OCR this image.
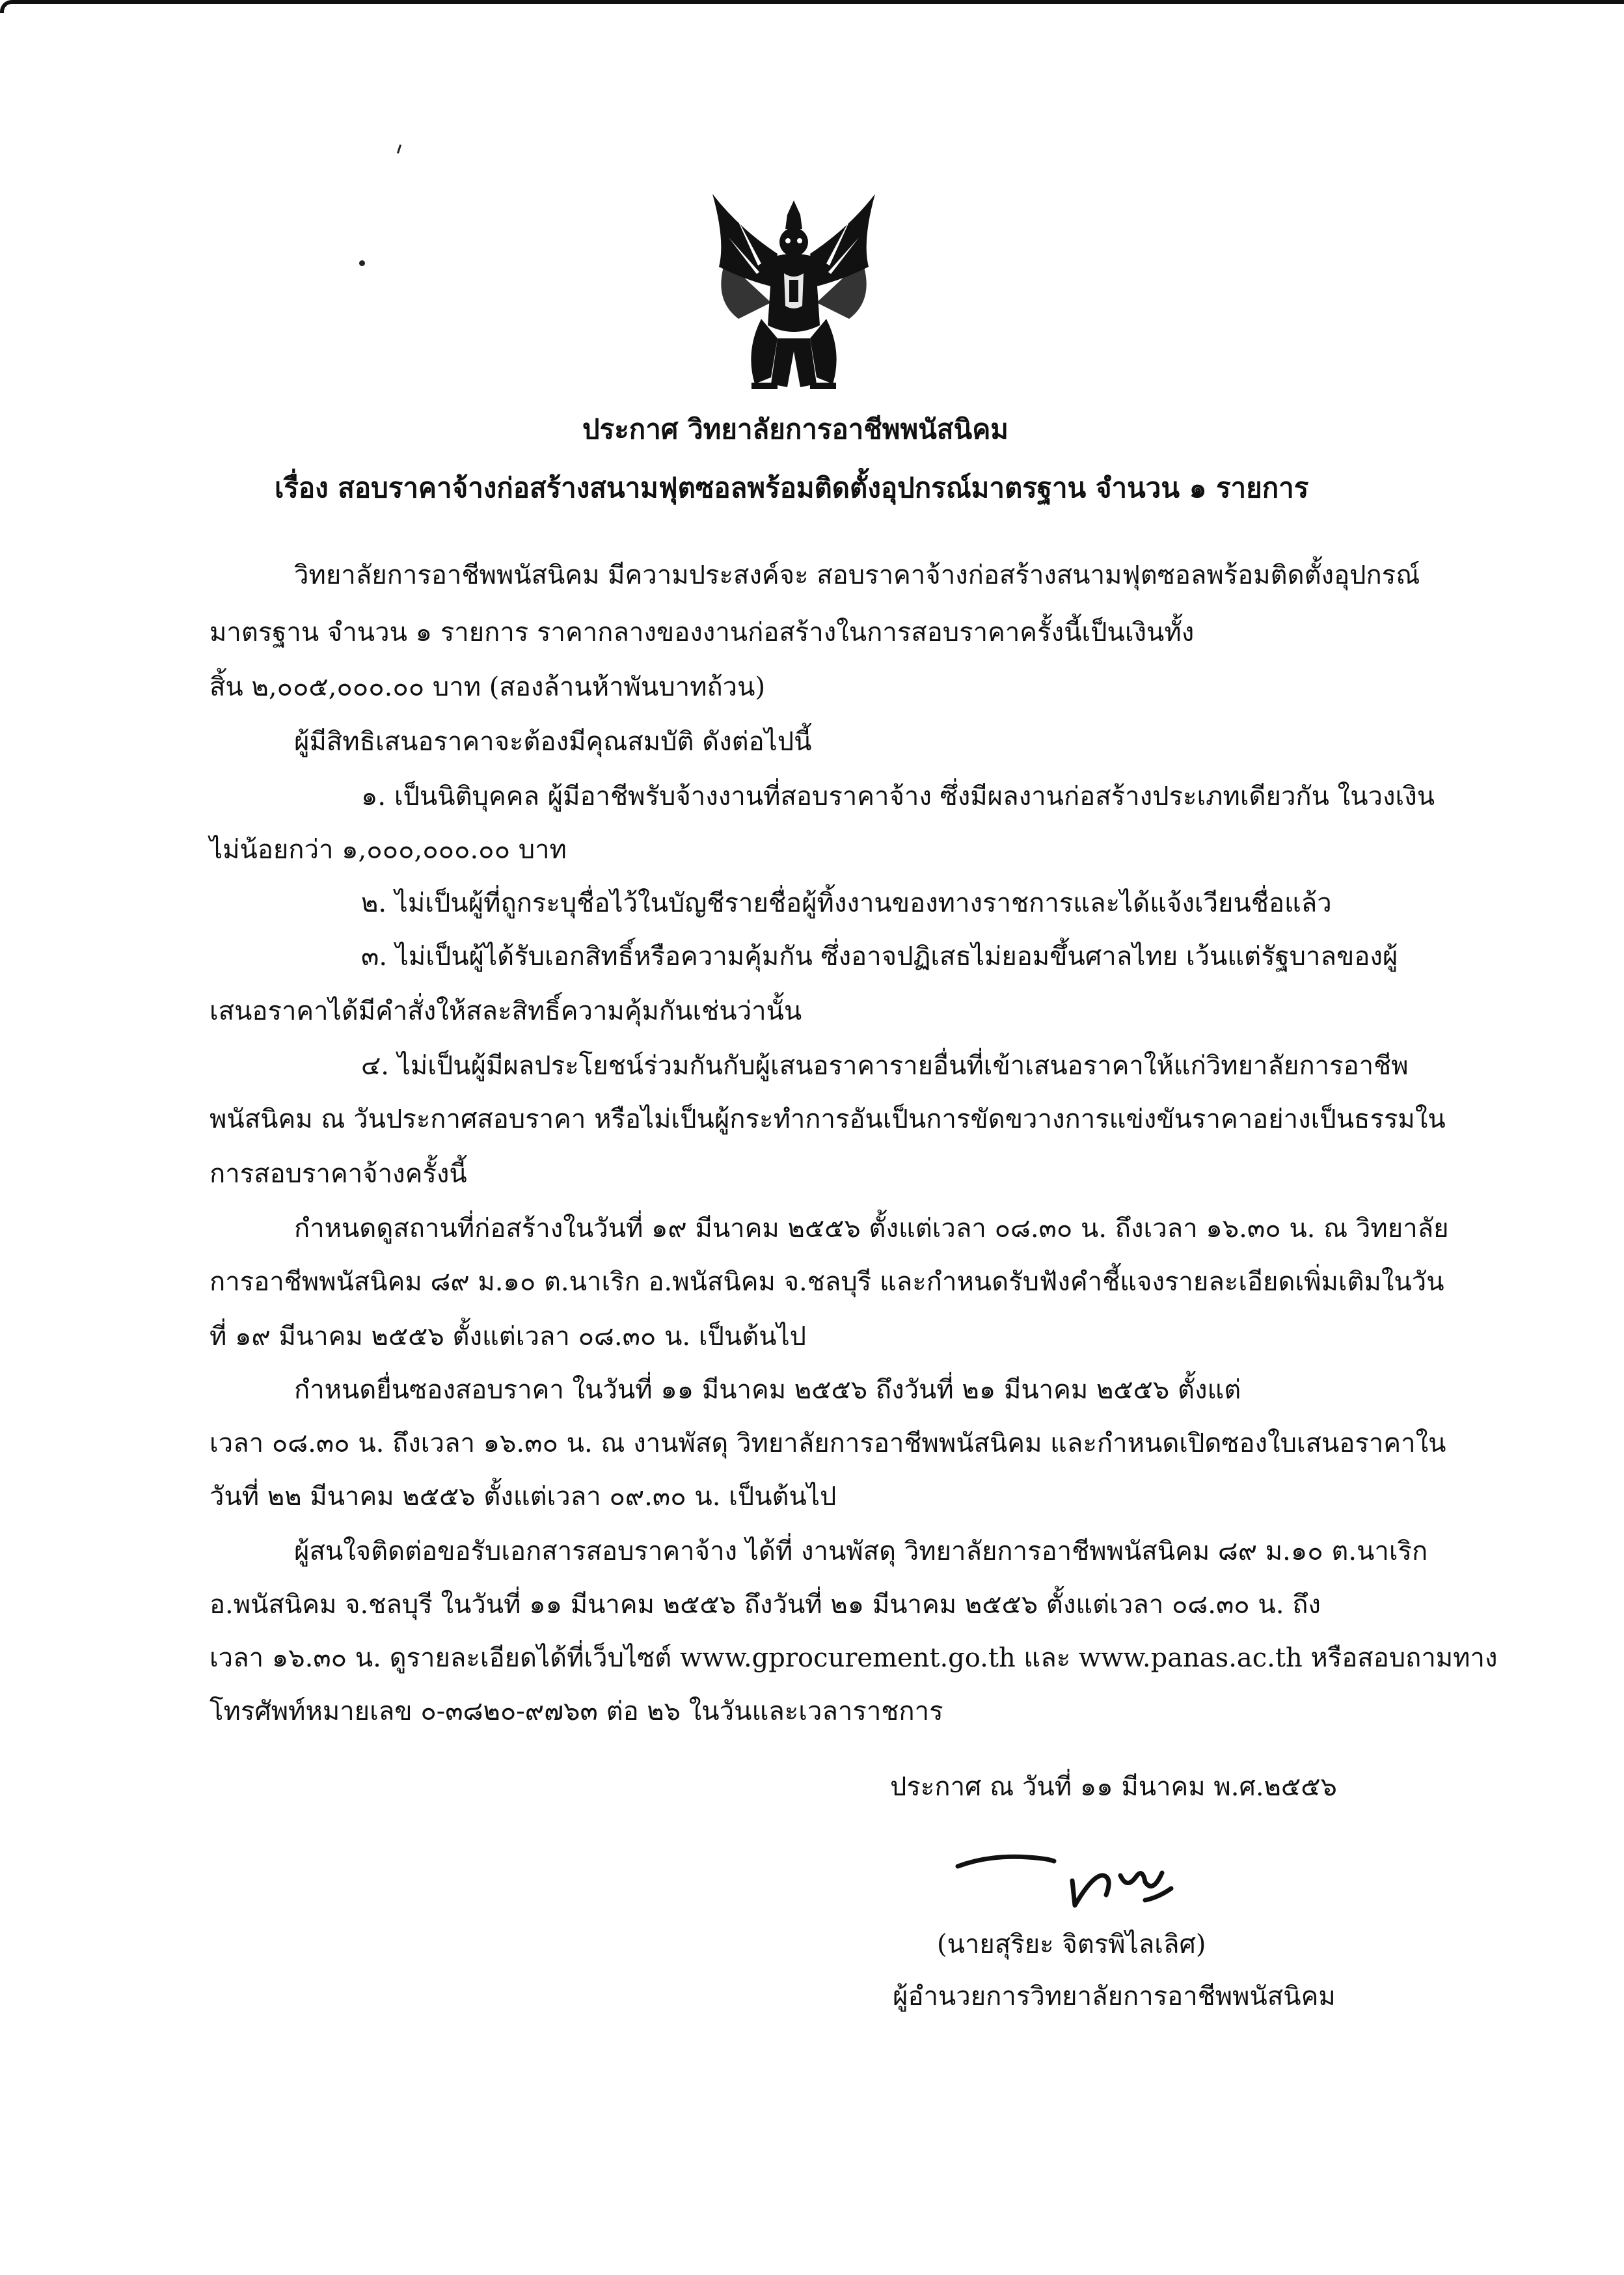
ประกาศ วิทยาลัยการอาชีพพนัสนิคม
เรื่อง สอบราคาจ้างก่อสร้างสนามฟุตซอลพร้อมติดตั้งอุปกรณ์มาตรฐาน จำนวน ๑ รายการ
วิทยาลัยการอาชีพพนัสนิคม มีความประสงค์จะ สอบราคาจ้างก่อสร้างสนามฟุตซอลพร้อมติดตั้งอุปกรณ์
มาตรฐาน จำนวน ๑ รายการ ราคากลางของงานก่อสร้างในการสอบราคาครั้งนี้เป็นเงินทั้ง
สิ้น ๒,๐๐๕,๐๐๐.๐๐ บาท (สองล้านห้าพันบาทถ้วน)
ผู้มีสิทธิเสนอราคาจะต้องมีคุณสมบัติ ดังต่อไปนี้
๑. เป็นนิติบุคคล ผู้มีอาชีพรับจ้างงานที่สอบราคาจ้าง ซึ่งมีผลงานก่อสร้างประเภทเดียวกัน ในวงเงิน
ไม่น้อยกว่า ๑,๐๐๐,๐๐๐.๐๐ บาท
๒. ไม่เป็นผู้ที่ถูกระบุชื่อไว้ในบัญชีรายชื่อผู้ทิ้งงานของทางราชการและได้แจ้งเวียนชื่อแล้ว
๓. ไม่เป็นผู้ได้รับเอกสิทธิ์หรือความคุ้มกัน ซึ่งอาจปฏิเสธไม่ยอมขึ้นศาลไทย เว้นแต่รัฐบาลของผู้
เสนอราคาได้มีคำสั่งให้สละสิทธิ์ความคุ้มกันเช่นว่านั้น
๔. ไม่เป็นผู้มีผลประโยชน์ร่วมกันกับผู้เสนอราคารายอื่นที่เข้าเสนอราคาให้แก่วิทยาลัยการอาชีพ
พนัสนิคม ณ วันประกาศสอบราคา หรือไม่เป็นผู้กระทำการอันเป็นการขัดขวางการแข่งขันราคาอย่างเป็นธรรมใน
การสอบราคาจ้างครั้งนี้
กำหนดดูสถานที่ก่อสร้างในวันที่ ๑๙ มีนาคม ๒๕๕๖ ตั้งแต่เวลา ๐๘.๓๐ น. ถึงเวลา ๑๖.๓๐ น. ณ วิทยาลัย
การอาชีพพนัสนิคม ๘๙ ม.๑๐ ต.นาเริก อ.พนัสนิคม จ.ชลบุรี และกำหนดรับฟังคำชี้แจงรายละเอียดเพิ่มเติมในวัน
ที่ ๑๙ มีนาคม ๒๕๕๖ ตั้งแต่เวลา ๐๘.๓๐ น. เป็นต้นไป
กำหนดยื่นซองสอบราคา ในวันที่ ๑๑ มีนาคม ๒๕๕๖ ถึงวันที่ ๒๑ มีนาคม ๒๕๕๖ ตั้งแต่
เวลา ๐๘.๓๐ น. ถึงเวลา ๑๖.๓๐ น. ณ งานพัสดุ วิทยาลัยการอาชีพพนัสนิคม และกำหนดเปิดซองใบเสนอราคาใน
วันที่ ๒๒ มีนาคม ๒๕๕๖ ตั้งแต่เวลา ๐๙.๓๐ น. เป็นต้นไป
ผู้สนใจติดต่อขอรับเอกสารสอบราคาจ้าง ได้ที่ งานพัสดุ วิทยาลัยการอาชีพพนัสนิคม ๘๙ ม.๑๐ ต.นาเริก
อ.พนัสนิคม จ.ชลบุรี ในวันที่ ๑๑ มีนาคม ๒๕๕๖ ถึงวันที่ ๒๑ มีนาคม ๒๕๕๖ ตั้งแต่เวลา ๐๘.๓๐ น. ถึง
เวลา ๑๖.๓๐ น. ดูรายละเอียดได้ที่เว็บไซต์ www.gprocurement.go.th และ www.panas.ac.th หรือสอบถามทาง
โทรศัพท์หมายเลข ๐-๓๘๒๐-๙๗๖๓ ต่อ ๒๖ ในวันและเวลาราชการ
ประกาศ ณ วันที่ ๑๑ มีนาคม พ.ศ.๒๕๕๖
(นายสุริยะ จิตรพิไลเลิศ)
ผู้อำนวยการวิทยาลัยการอาชีพพนัสนิคม
